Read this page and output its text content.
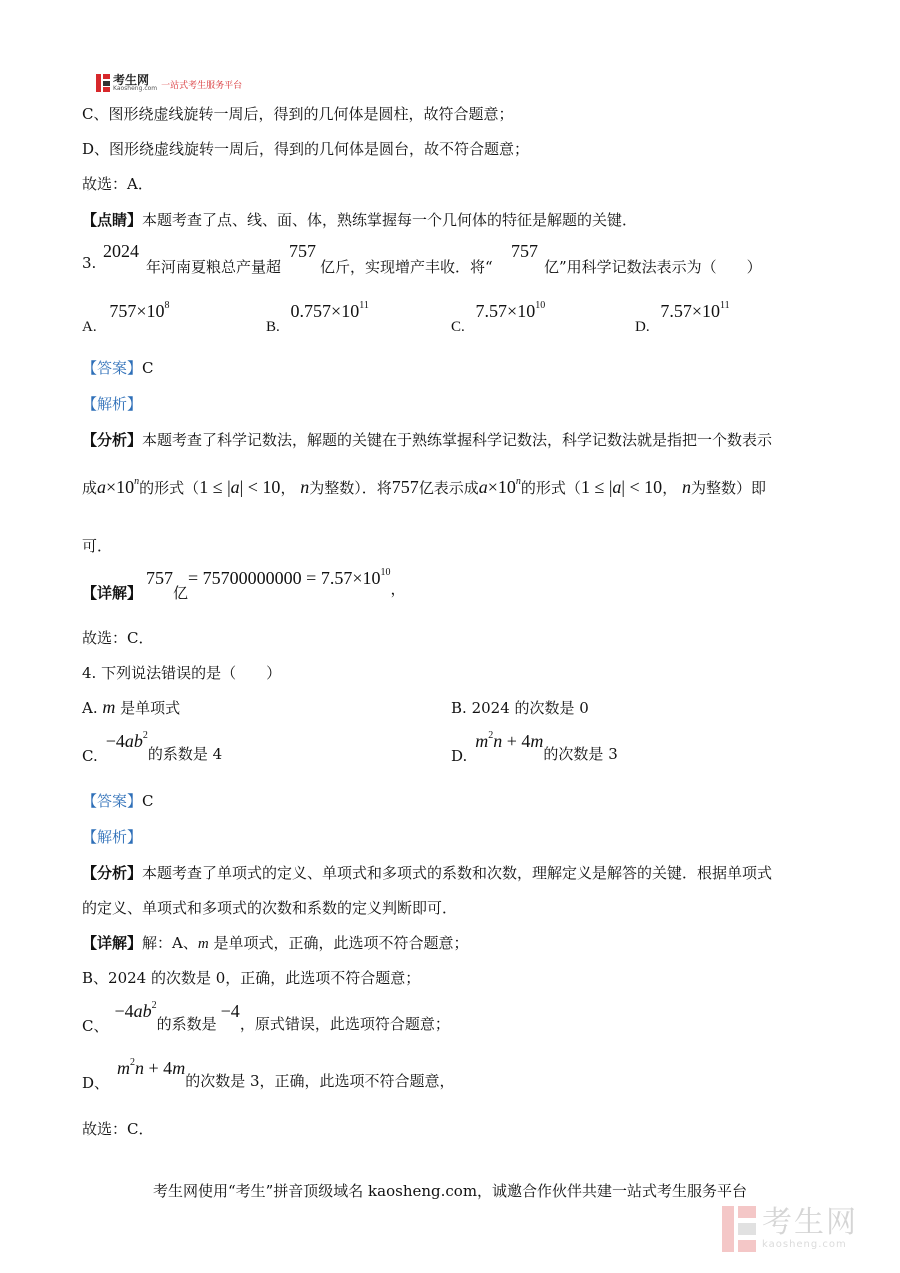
考生网
Kaosheng.com 一站式考生服务平台
C、图形绕虚线旋转一周后，得到的几何体是圆柱，故符合题意；
D、图形绕虚线旋转一周后，得到的几何体是圆台，故不符合题意；
故选：A．
【点睛】本题考查了点、线、面、体，熟练掌握每一个几何体的特征是解题的关键．
3.
2024
年河南夏粮总产量超
757
亿斤，实现增产丰收．将“
757
亿”用科学记数法表示为（　　）
A. $757\times 10^8$
B. $0.757\times 10^{11}$
C. $7.57\times 10^{10}$
D. $7.57\times 10^{11}$
【答案】C
【解析】
【分析】本题考查了科学记数法，解题的关键在于熟练掌握科学记数法，科学记数法就是指把一个数表示
成$a\times 10^n$的形式（1 ≤ |a| < 10， n为整数）．将757亿表示成$a\times 10^n$的形式（1 ≤ |a| < 10， n为整数）即
可．
【详解】757亿= $75700000000 = 7.57\times 10^{10}$，
故选：C．
4. 下列说法错误的是（　　）
A. m 是单项式	B. 2024 的次数是 0
$C.-4ab^2$的系数是 4	$D.m^2n + 4m$的次数是 3
【答案】C
【解析】
【分析】本题考查了单项式的定义、单项式和多项式的系数和次数，理解定义是解答的关键．根据单项式
的定义、单项式和多项式的次数和系数的定义判断即可．
【详解】解：A、m 是单项式，正确，此选项不符合题意；
B、2024 的次数是 0，正确，此选项不符合题意；
C、$-4ab^2$的系数是−4，原式错误，此选项符合题意；
D、$m^2n + 4m$的次数是 3，正确，此选项不符合题意，
故选：C．
考生网使用“考生”拼音顶级域名 kaosheng.com，诚邀合作伙伴共建一站式考生服务平台
考生网
kaosheng.com
